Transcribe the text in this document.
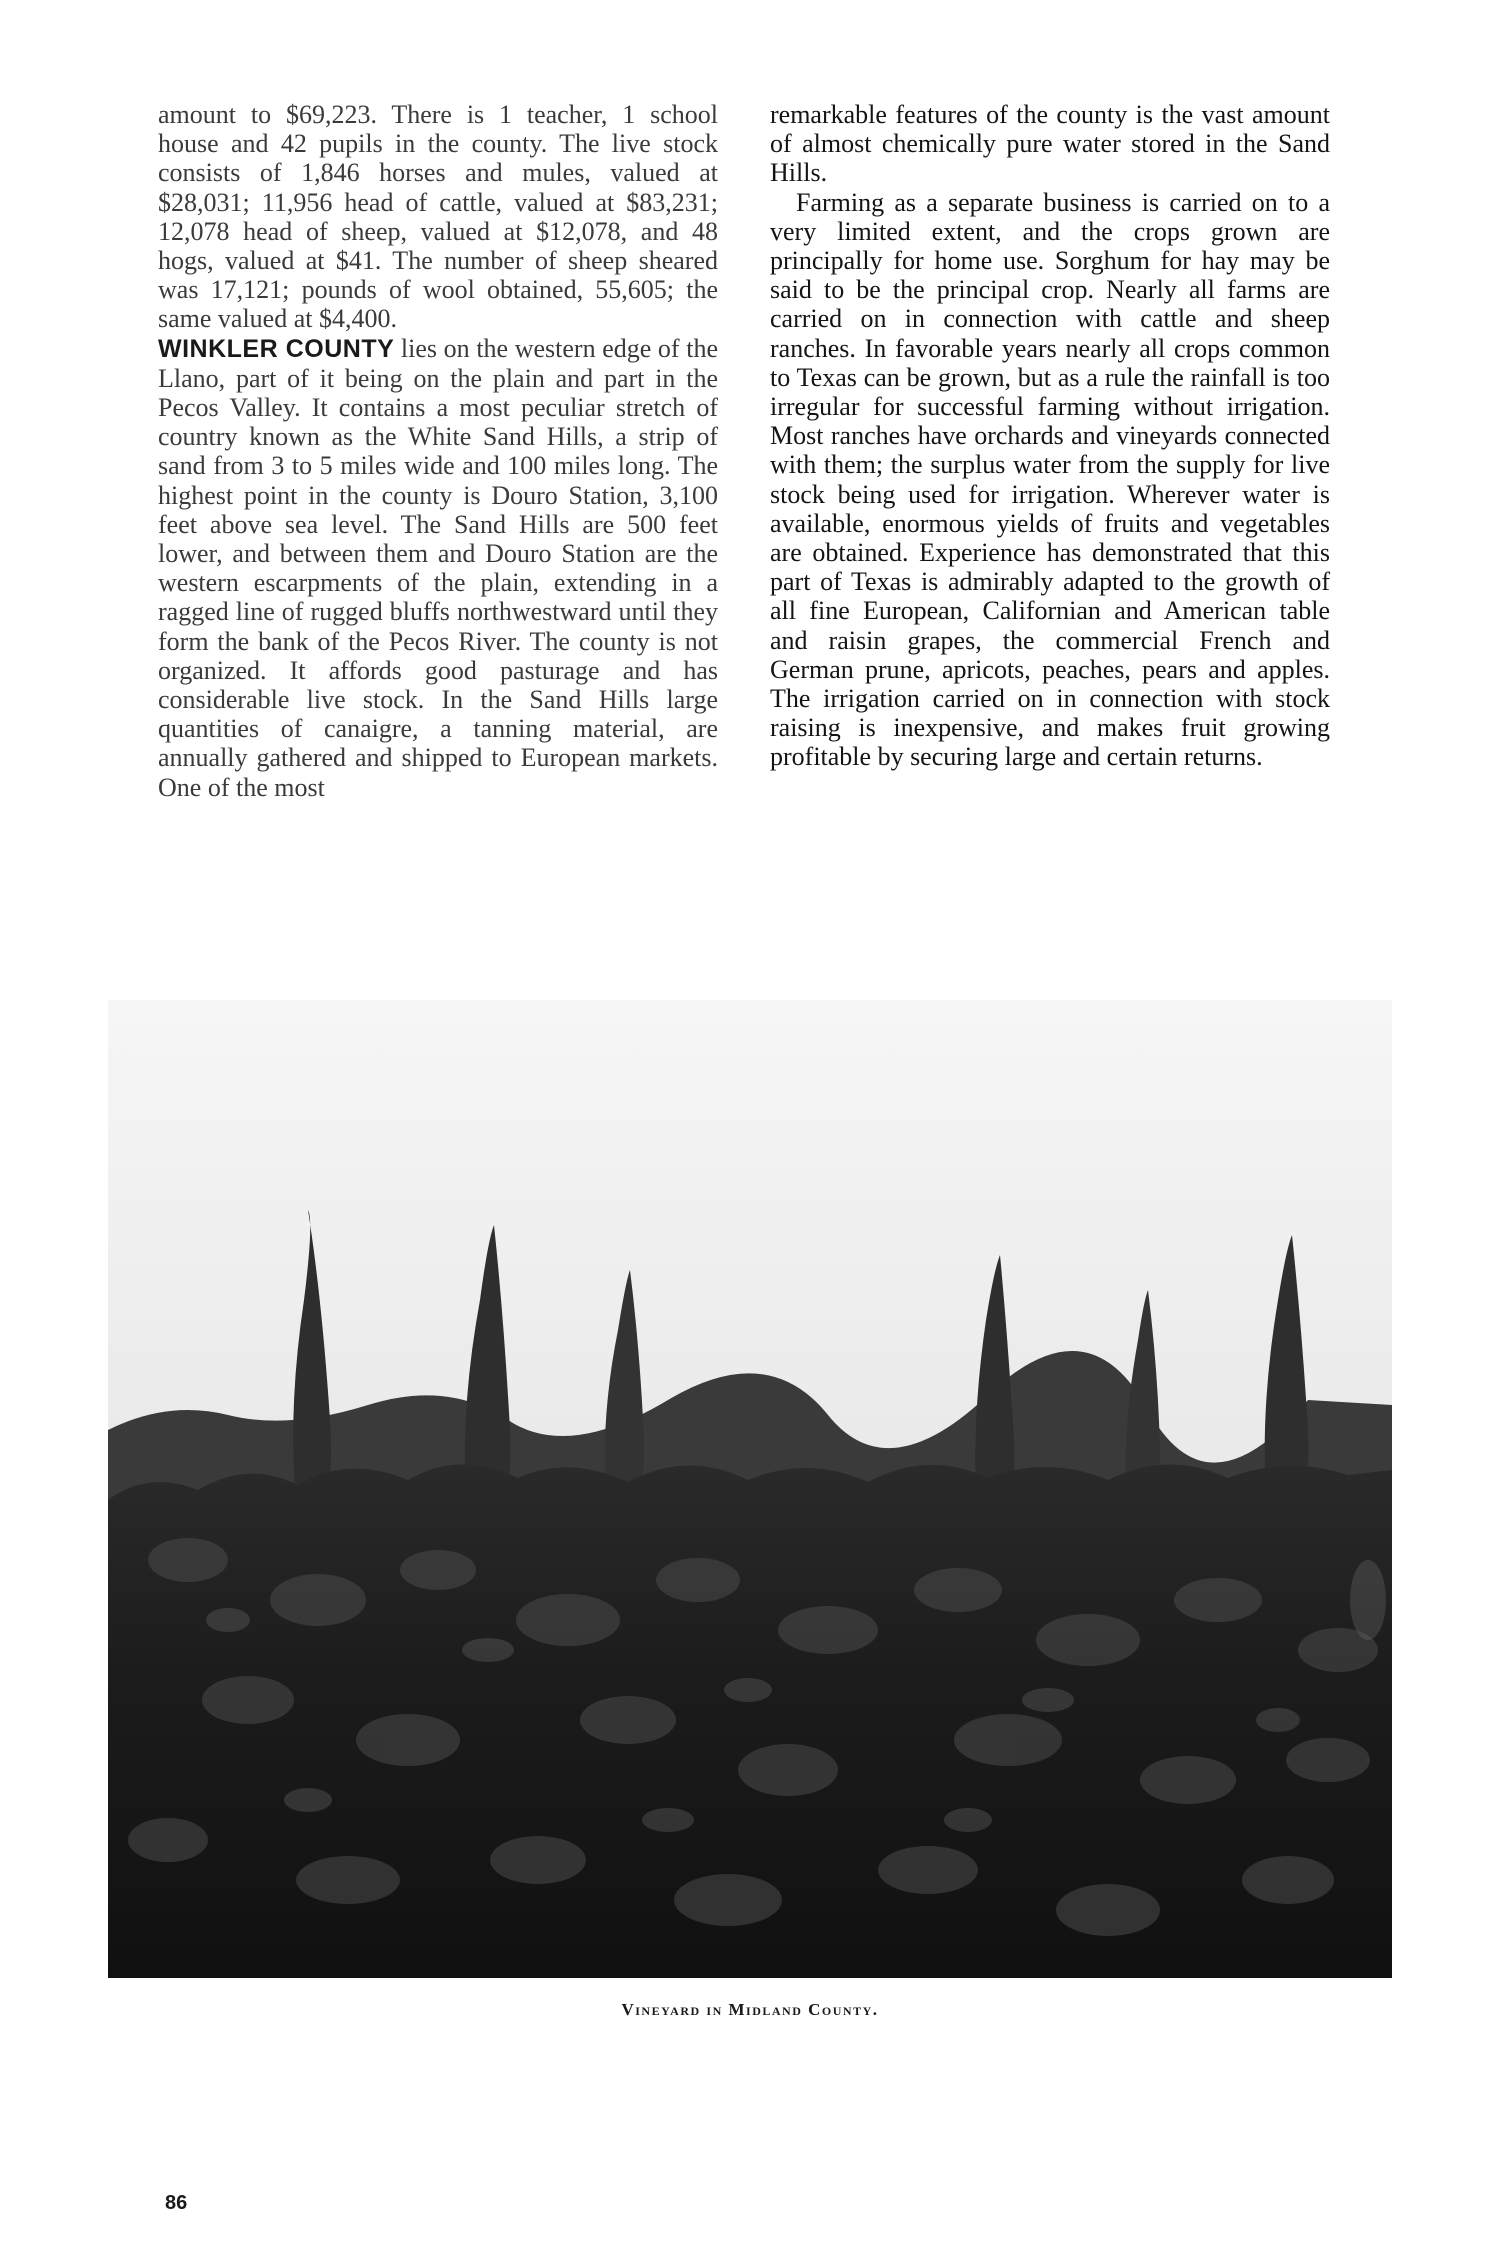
amount to $69,223. There is 1 teacher, 1 school house and 42 pupils in the county. The live stock consists of 1,846 horses and mules, valued at $28,031; 11,956 head of cattle, valued at $83,231; 12,078 head of sheep, valued at $12,078, and 48 hogs, valued at $41. The number of sheep sheared was 17,121; pounds of wool obtained, 55,605; the same valued at $4,400.

WINKLER COUNTY lies on the western edge of the Llano, part of it being on the plain and part in the Pecos Valley. It contains a most peculiar stretch of country known as the White Sand Hills, a strip of sand from 3 to 5 miles wide and 100 miles long. The highest point in the county is Douro Station, 3,100 feet above sea level. The Sand Hills are 500 feet lower, and between them and Douro Station are the western escarpments of the plain, extending in a ragged line of rugged bluffs northwestward until they form the bank of the Pecos River. The county is not organized. It affords good pasturage and has considerable live stock. In the Sand Hills large quantities of canaigre, a tanning material, are annually gathered and shipped to European markets. One of the most

remarkable features of the county is the vast amount of almost chemically pure water stored in the Sand Hills.

Farming as a separate business is carried on to a very limited extent, and the crops grown are principally for home use. Sorghum for hay may be said to be the principal crop. Nearly all farms are carried on in connection with cattle and sheep ranches. In favorable years nearly all crops common to Texas can be grown, but as a rule the rainfall is too irregular for successful farming without irrigation. Most ranches have orchards and vineyards connected with them; the surplus water from the supply for live stock being used for irrigation. Wherever water is available, enormous yields of fruits and vegetables are obtained. Experience has demonstrated that this part of Texas is admirably adapted to the growth of all fine European, Californian and American table and raisin grapes, the commercial French and German prune, apricots, peaches, pears and apples. The irrigation carried on in connection with stock raising is inexpensive, and makes fruit growing profitable by securing large and certain returns.

Vineyard in Midland County.
86
